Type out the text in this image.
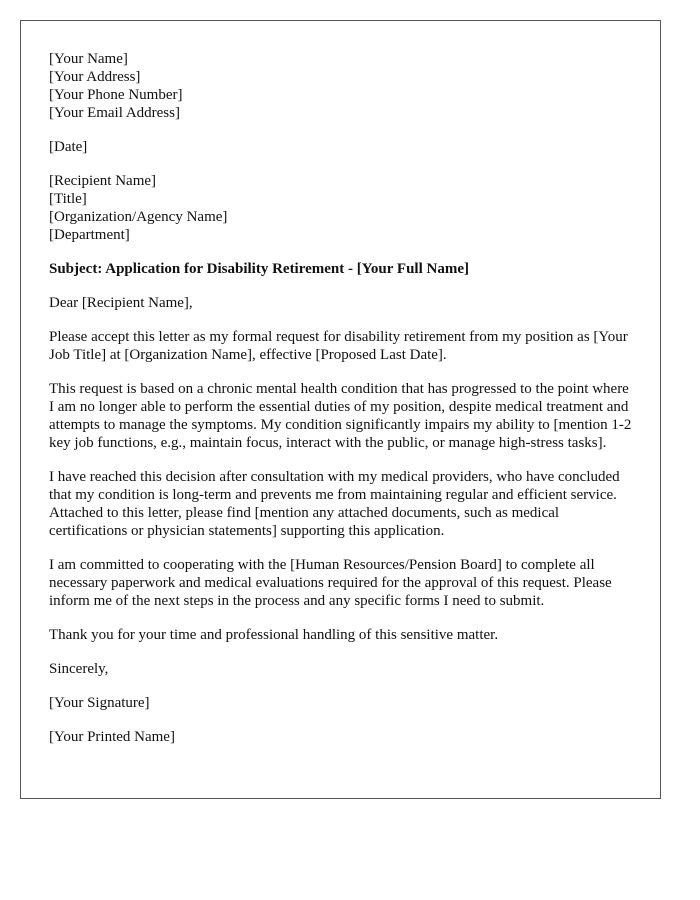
[Your Name]
[Your Address]
[Your Phone Number]
[Your Email Address]
[Date]
[Recipient Name]
[Title]
[Organization/Agency Name]
[Department]
Subject: Application for Disability Retirement - [Your Full Name]
Dear [Recipient Name],

Please accept this letter as my formal request for disability retirement from my position as [Your Job Title] at [Organization Name], effective [Proposed Last Date].

This request is based on a chronic mental health condition that has progressed to the point where I am no longer able to perform the essential duties of my position, despite medical treatment and attempts to manage the symptoms. My condition significantly impairs my ability to [mention 1-2 key job functions, e.g., maintain focus, interact with the public, or manage high-stress tasks].

I have reached this decision after consultation with my medical providers, who have concluded that my condition is long-term and prevents me from maintaining regular and efficient service. Attached to this letter, please find [mention any attached documents, such as medical certifications or physician statements] supporting this application.

I am committed to cooperating with the [Human Resources/Pension Board] to complete all necessary paperwork and medical evaluations required for the approval of this request. Please inform me of the next steps in the process and any specific forms I need to submit.

Thank you for your time and professional handling of this sensitive matter.

Sincerely,
[Your Signature]
[Your Printed Name]
